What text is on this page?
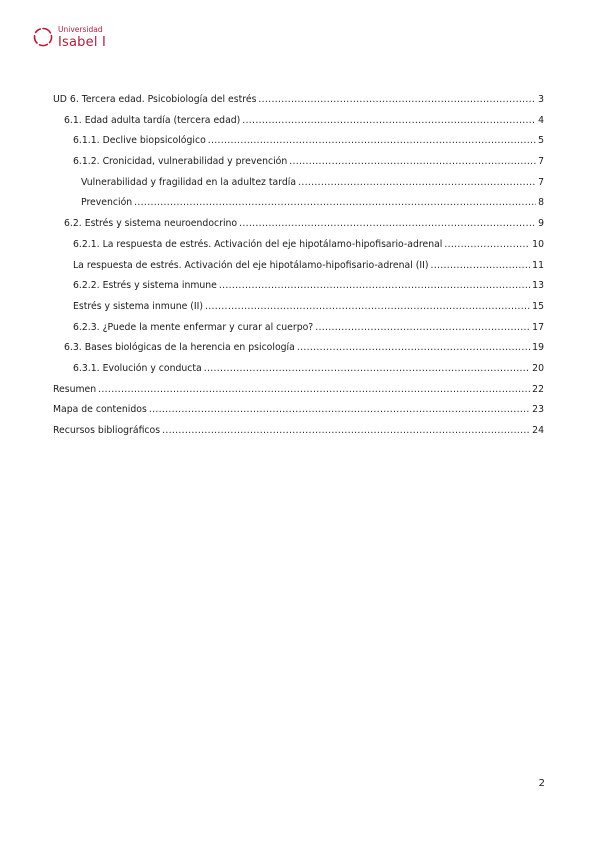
Universidad
Isabel I
UD 6. Tercera edad. Psicobiología del estrés .....	3
6.1. Edad adulta tardía (tercera edad) .....	4
6.1.1. Declive biopsicológico .....	5
6.1.2. Cronicidad, vulnerabilidad y prevención .....	7
Vulnerabilidad y fragilidad en la adultez tardía .....	7
Prevención .....	8
6.2. Estrés y sistema neuroendocrino .....	9
6.2.1. La respuesta de estrés. Activación del eje hipotálamo-hipofisario-adrenal .....	10
La respuesta de estrés. Activación del eje hipotálamo-hipofisario-adrenal (II) .....	11
6.2.2. Estrés y sistema inmune .....	13
Estrés y sistema inmune (II) .....	15
6.2.3. ¿Puede la mente enfermar y curar al cuerpo? .....	17
6.3. Bases biológicas de la herencia en psicología .....	19
6.3.1. Evolución y conducta .....	20
Resumen .....	22
Mapa de contenidos .....	23
Recursos bibliográficos .....	24
2
